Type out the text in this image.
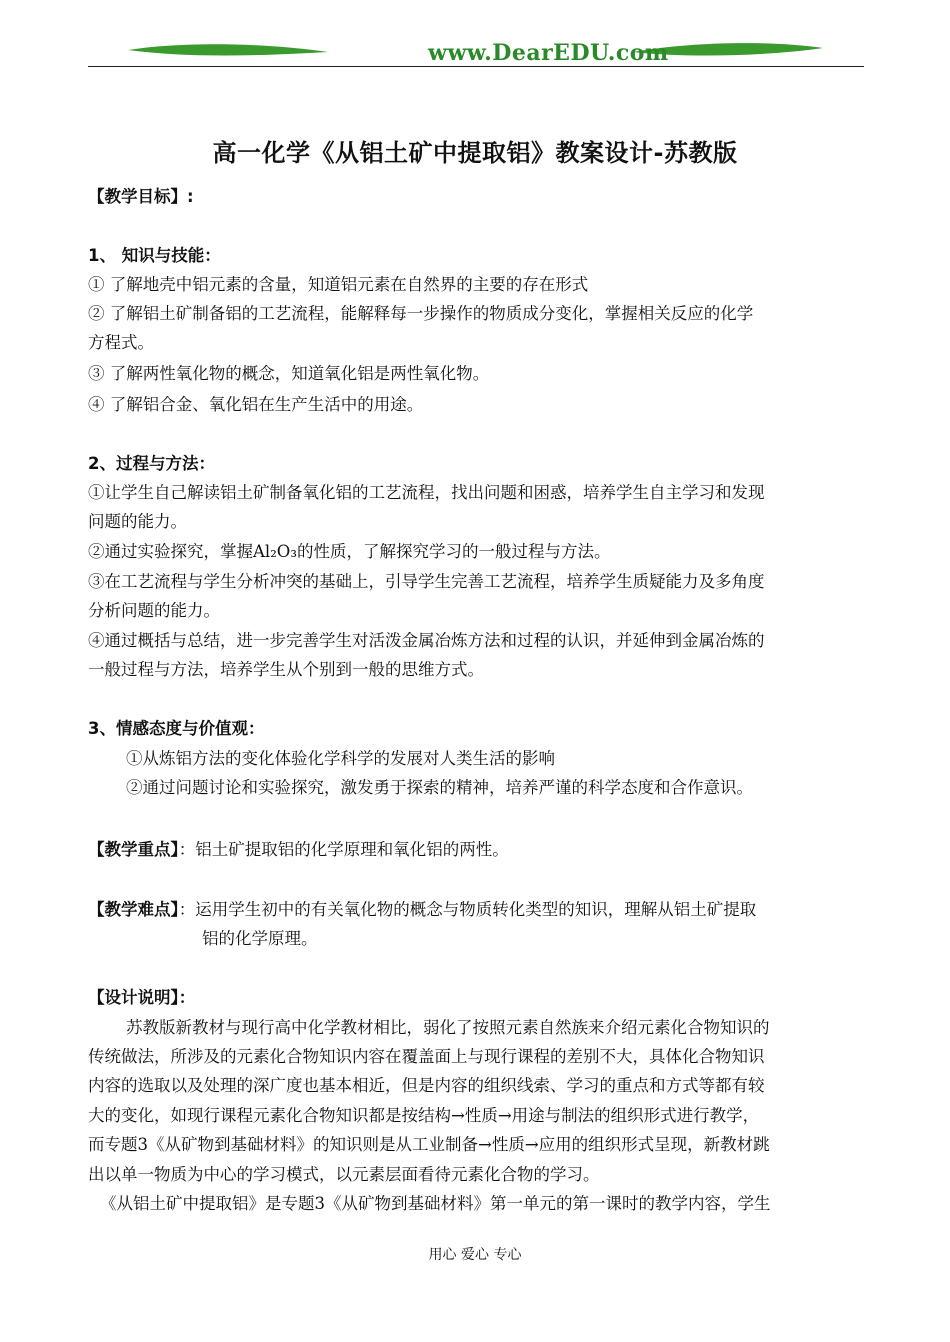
www.DearEDU.com
高一化学《从铝土矿中提取铝》教案设计-苏教版
【教学目标】:
1、 知识与技能：
① 了解地壳中铝元素的含量，知道铝元素在自然界的主要的存在形式
② 了解铝土矿制备铝的工艺流程，能解释每一步操作的物质成分变化，掌握相关反应的化学
方程式。
③ 了解两性氧化物的概念，知道氧化铝是两性氧化物。
④ 了解铝合金、氧化铝在生产生活中的用途。
2、过程与方法：
①让学生自己解读铝土矿制备氧化铝的工艺流程，找出问题和困惑，培养学生自主学习和发现
问题的能力。
②通过实验探究，掌握Al₂O₃的性质，了解探究学习的一般过程与方法。
③在工艺流程与学生分析冲突的基础上，引导学生完善工艺流程，培养学生质疑能力及多角度
分析问题的能力。
④通过概括与总结，进一步完善学生对活泼金属冶炼方法和过程的认识，并延伸到金属冶炼的
一般过程与方法，培养学生从个别到一般的思维方式。
3、情感态度与价值观：
①从炼铝方法的变化体验化学科学的发展对人类生活的影响
②通过问题讨论和实验探究，激发勇于探索的精神，培养严谨的科学态度和合作意识。
【教学重点】：铝土矿提取铝的化学原理和氧化铝的两性。
【教学难点】：运用学生初中的有关氧化物的概念与物质转化类型的知识，理解从铝土矿提取
铝的化学原理。
【设计说明】：
苏教版新教材与现行高中化学教材相比，弱化了按照元素自然族来介绍元素化合物知识的
传统做法，所涉及的元素化合物知识内容在覆盖面上与现行课程的差别不大，具体化合物知识
内容的选取以及处理的深广度也基本相近，但是内容的组织线索、学习的重点和方式等都有较
大的变化，如现行课程元素化合物知识都是按结构→性质→用途与制法的组织形式进行教学，
而专题3《从矿物到基础材料》的知识则是从工业制备→性质→应用的组织形式呈现，新教材跳
出以单一物质为中心的学习模式，以元素层面看待元素化合物的学习。
《从铝土矿中提取铝》是专题3《从矿物到基础材料》第一单元的第一课时的教学内容，学生
用心 爱心 专心
